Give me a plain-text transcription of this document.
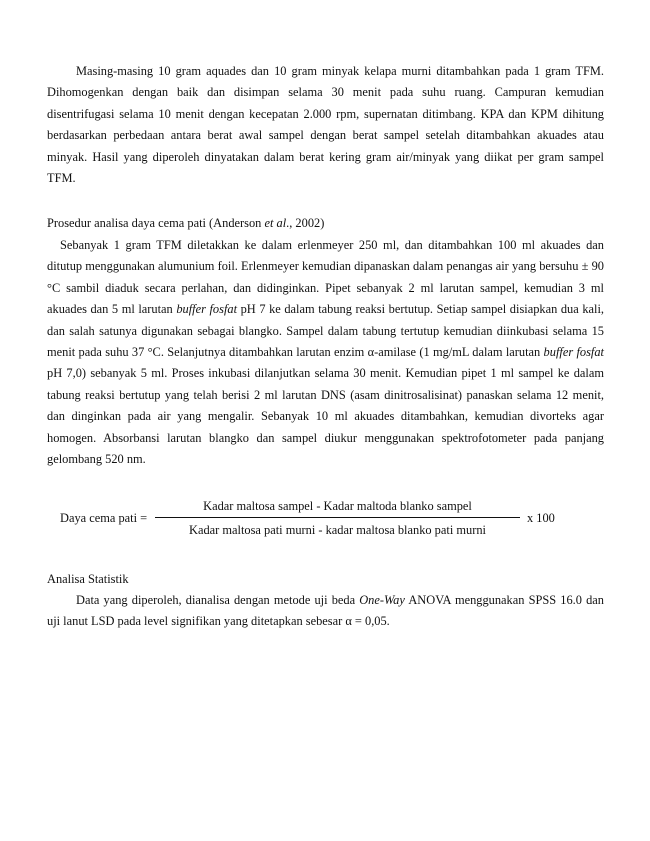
Masing-masing 10 gram aquades dan 10 gram minyak kelapa murni ditambahkan pada 1 gram TFM. Dihomogenkan dengan baik dan disimpan selama 30 menit pada suhu ruang. Campuran kemudian disentrifugasi selama 10 menit dengan kecepatan 2.000 rpm, supernatan ditimbang. KPA dan KPM dihitung berdasarkan perbedaan antara berat awal sampel dengan berat sampel setelah ditambahkan akuades atau minyak. Hasil yang diperoleh dinyatakan dalam berat kering gram air/minyak yang diikat per gram sampel TFM.

Prosedur analisa daya cema pati (Anderson et al., 2002)

Sebanyak 1 gram TFM diletakkan ke dalam erlenmeyer 250 ml, dan ditambahkan 100 ml akuades dan ditutup menggunakan alumunium foil. Erlenmeyer kemudian dipanaskan dalam penangas air yang bersuhu ± 90 °C sambil diaduk secara perlahan, dan didinginkan. Pipet sebanyak 2 ml larutan sampel, kemudian 3 ml akuades dan 5 ml larutan buffer fosfat pH 7 ke dalam tabung reaksi bertutup. Setiap sampel disiapkan dua kali, dan salah satunya digunakan sebagai blangko. Sampel dalam tabung tertutup kemudian diinkubasi selama 15 menit pada suhu 37 °C. Selanjutnya ditambahkan larutan enzim α-amilase (1 mg/mL dalam larutan buffer fosfat pH 7,0) sebanyak 5 ml. Proses inkubasi dilanjutkan selama 30 menit. Kemudian pipet 1 ml sampel ke dalam tabung reaksi bertutup yang telah berisi 2 ml larutan DNS (asam dinitrosalisinat) panaskan selama 12 menit, dan dinginkan pada air yang mengalir. Sebanyak 10 ml akuades ditambahkan, kemudian divorteks agar homogen. Absorbansi larutan blangko dan sampel diukur menggunakan spektrofotometer pada panjang gelombang 520 nm.

Daya cema pati =
Kadar maltosa sampel - Kadar maltoda blanko sampel
Kadar maltosa pati murni - kadar maltosa blanko pati murni
x 100

Analisa Statistik

Data yang diperoleh, dianalisa dengan metode uji beda One-Way ANOVA menggunakan SPSS 16.0 dan uji lanut LSD pada level signifikan yang ditetapkan sebesar α = 0,05.
